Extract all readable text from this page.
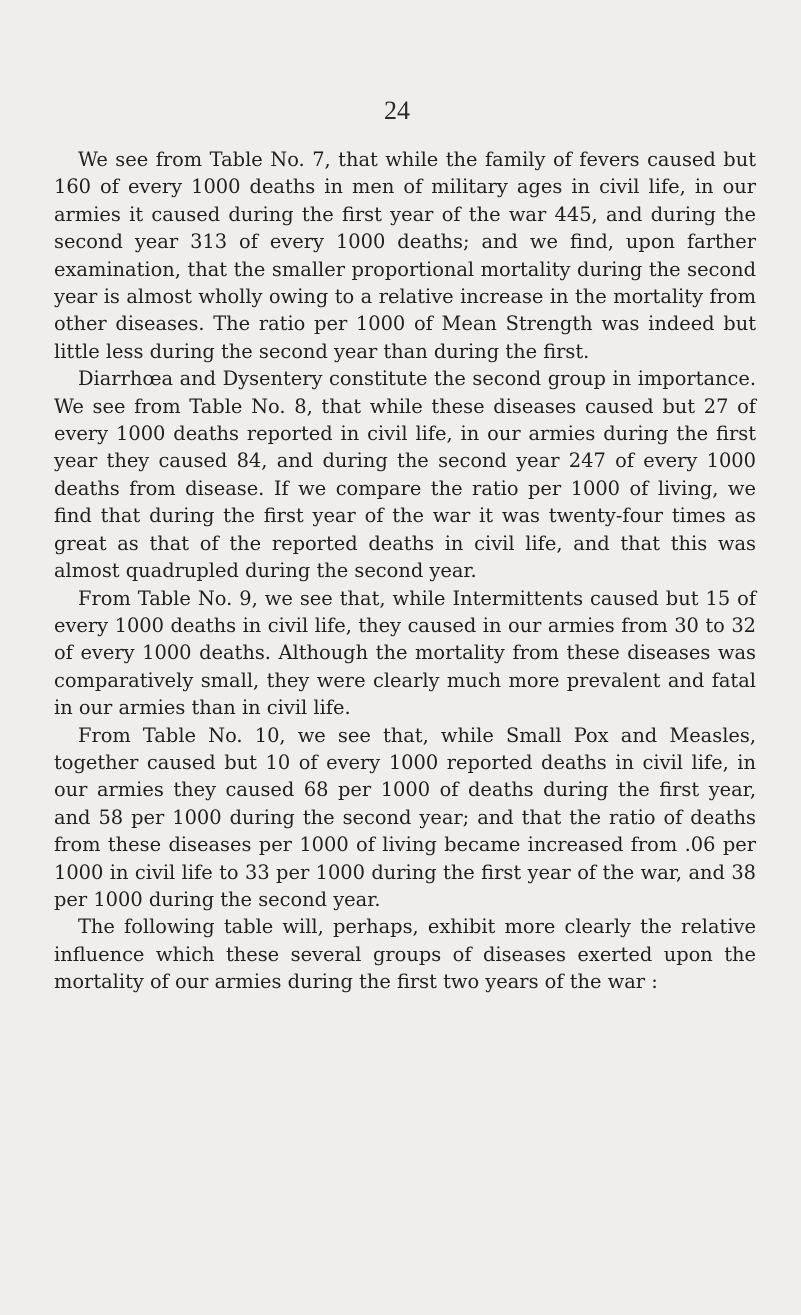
24

We see from Table No. 7, that while the family of fevers caused but 160 of every 1000 deaths in men of military ages in civil life, in our armies it caused during the first year of the war 445, and during the second year 313 of every 1000 deaths; and we find, upon farther examination, that the smaller proportional mortality during the second year is almost wholly owing to a relative increase in the mortality from other diseases. The ratio per 1000 of Mean Strength was indeed but little less during the second year than during the first.

Diarrhœa and Dysentery constitute the second group in importance. We see from Table No. 8, that while these diseases caused but 27 of every 1000 deaths reported in civil life, in our armies during the first year they caused 84, and during the second year 247 of every 1000 deaths from disease. If we compare the ratio per 1000 of living, we find that during the first year of the war it was twenty-four times as great as that of the reported deaths in civil life, and that this was almost quadrupled during the second year.

From Table No. 9, we see that, while Intermittents caused but 15 of every 1000 deaths in civil life, they caused in our armies from 30 to 32 of every 1000 deaths. Although the mortality from these diseases was comparatively small, they were clearly much more prevalent and fatal in our armies than in civil life.

From Table No. 10, we see that, while Small Pox and Measles, together caused but 10 of every 1000 reported deaths in civil life, in our armies they caused 68 per 1000 of deaths during the first year, and 58 per 1000 during the second year; and that the ratio of deaths from these diseases per 1000 of living became increased from .06 per 1000 in civil life to 33 per 1000 during the first year of the war, and 38 per 1000 during the second year.

The following table will, perhaps, exhibit more clearly the relative influence which these several groups of diseases exerted upon the mortality of our armies during the first two years of the war :
